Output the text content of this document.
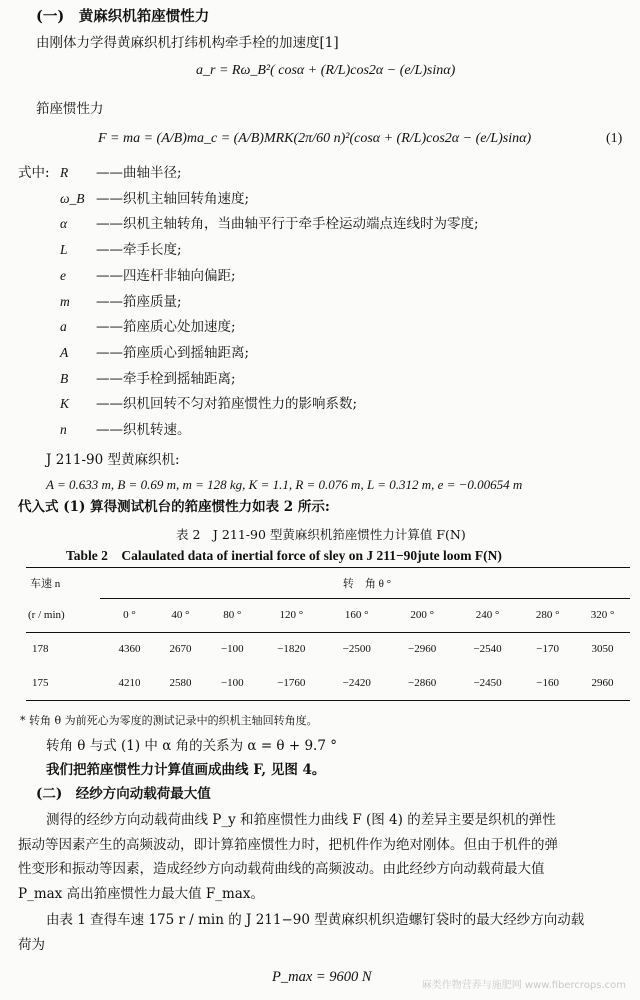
(一)　黄麻织机筘座惯性力
由刚体力学得黄麻织机打纬机构牵手栓的加速度[1]
a_r = Rω_B²( cosα + (R/L)cos2α − (e/L)sinα)
筘座惯性力
F = ma = (A/B)ma_c = (A/B)MRK(2π/60 n)²(cosα + (R/L)cos2α − (e/L)sinα)	(1)
式中: R ——曲轴半径;
ω_B ——织机主轴回转角速度;
α ——织机主轴转角，当曲轴平行于牵手栓运动端点连线时为零度;
L ——牵手长度;
e ——四连杆非轴向偏距;
m ——筘座质量;
a ——筘座质心处加速度;
A ——筘座质心到摇轴距离;
B ——牵手栓到摇轴距离;
K ——织机回转不匀对筘座惯性力的影响系数;
n ——织机转速。
J 211-90 型黄麻织机:
A = 0.633 m, B = 0.69 m, m = 128 kg, K = 1.1, R = 0.076 m, L = 0.312 m, e = −0.00654 m
代入式 (1) 算得测试机台的筘座惯性力如表 2 所示:
表 2　J 211-90 型黄麻织机筘座惯性力计算值 F(N)
Table 2　Calaulated data of inertial force of sley on J 211−90jute loom F(N)
车速 n	转　角 θ °								
(r / min)	0 °	40 °	80 °	120 °	160 °	200 °	240 °	280 °	320 °
178	4360	2670	−100	−1820	−2500	−2960	−2540	−170	3050
175	4210	2580	−100	−1760	−2420	−2860	−2450	−160	2960
* 转角 θ 为前死心为零度的测试记录中的织机主轴回转角度。
转角 θ 与式 (1) 中 α 角的关系为 α = θ + 9.7 °
我们把筘座惯性力计算值画成曲线 F, 见图 4。
(二)　经纱方向动载荷最大值
测得的经纱方向动载荷曲线 P_y 和筘座惯性力曲线 F (图 4) 的差异主要是织机的弹性
振动等因素产生的高频波动，即计算筘座惯性力时，把机件作为绝对刚体。但由于机件的弹
性变形和振动等因素，造成经纱方向动载荷曲线的高频波动。由此经纱方向动载荷最大值
P_max 高出筘座惯性力最大值 F_max。
由表 1 查得车速 175 r / min 的 J 211−90 型黄麻织机织造螺钉袋时的最大经纱方向动载
荷为
P_max = 9600 N
麻类作物营养与施肥网 www.fibercrops.com
